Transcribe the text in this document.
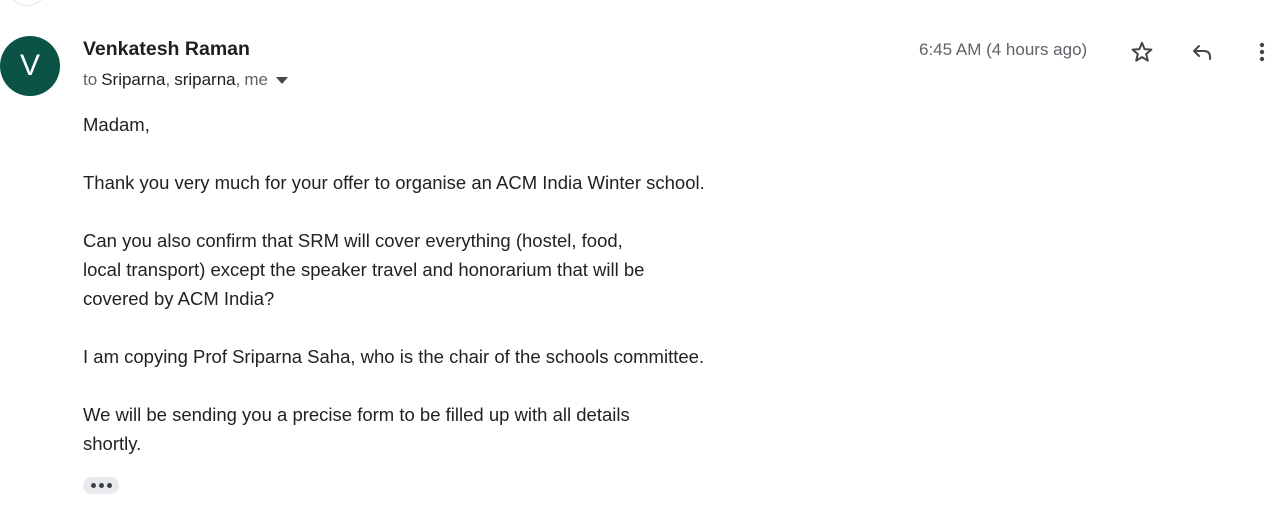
V Venkatesh Raman
to Sriparna , sriparna , me
6:45 AM (4 hours ago)

Madam,

Thank you very much for your offer to organise an ACM India Winter school.

Can you also confirm that SRM will cover everything (hostel, food,
local transport) except the speaker travel and honorarium that will be
covered by ACM India?

I am copying Prof Sriparna Saha, who is the chair of the schools committee.

We will be sending you a precise form to be filled up with all details
shortly.
